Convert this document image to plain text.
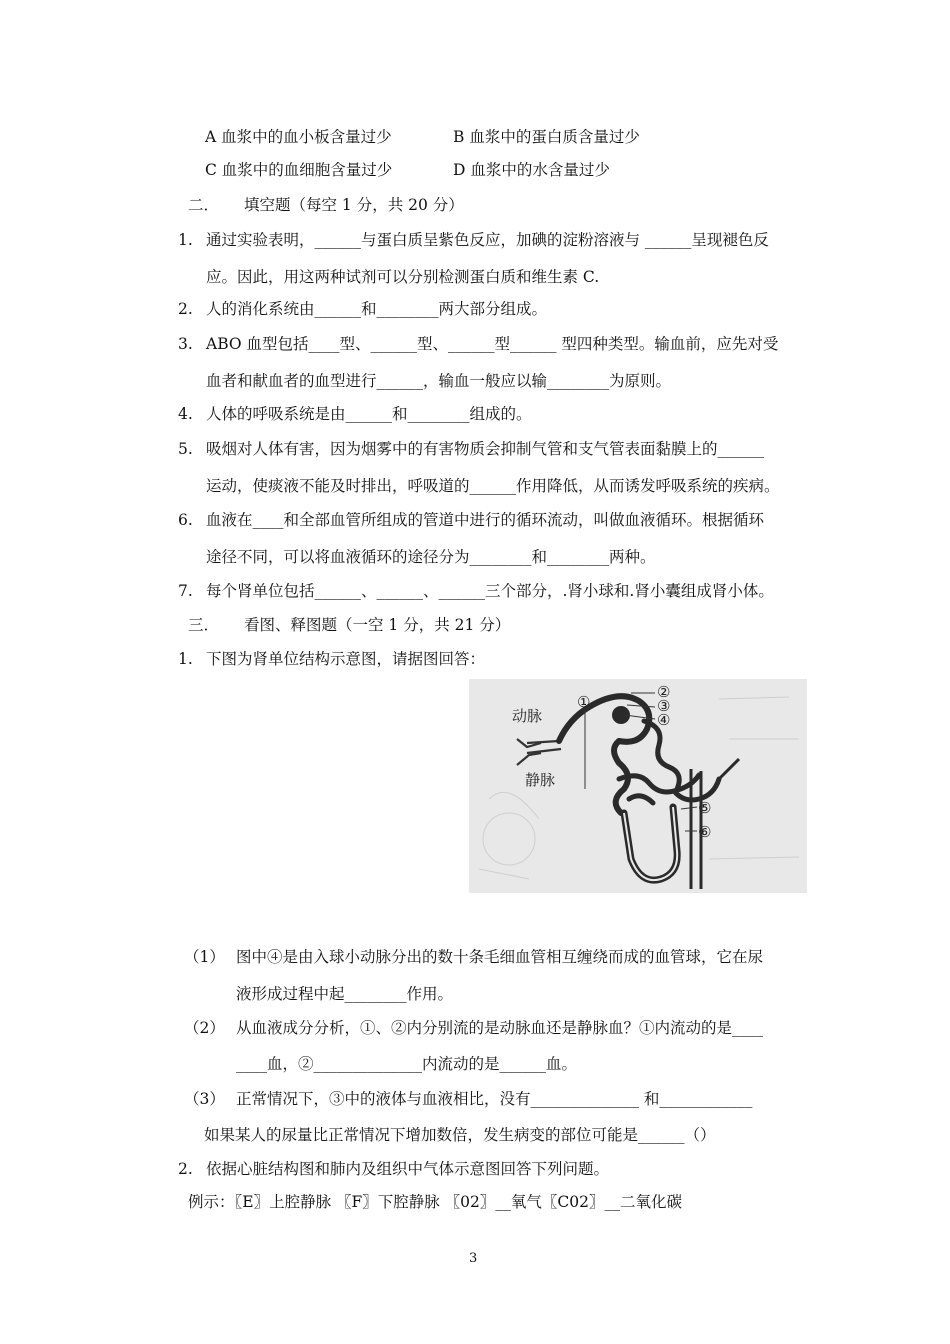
A 血浆中的血小板含量过少	B 血浆中的蛋白质含量过少
C 血浆中的血细胞含量过少	D 血浆中的水含量过少
二． 填空题（每空 1 分，共 20 分）
1. 通过实验表明，______与蛋白质呈紫色反应，加碘的淀粉溶液与 ______呈现褪色反
应。因此，用这两种试剂可以分别检测蛋白质和维生素 C.
2. 人的消化系统由______和________两大部分组成。
3. ABO 血型包括____型、______型、______型______ 型四种类型。输血前，应先对受
血者和献血者的血型进行______，输血一般应以输________为原则。
4. 人体的呼吸系统是由______和________组成的。
5. 吸烟对人体有害，因为烟雾中的有害物质会抑制气管和支气管表面黏膜上的______
运动，使痰液不能及时排出，呼吸道的______作用降低，从而诱发呼吸系统的疾病。
6. 血液在____和全部血管所组成的管道中进行的循环流动，叫做血液循环。根据循环
途径不同，可以将血液循环的途径分为________和________两种。
7. 每个肾单位包括______、______、______三个部分，.肾小球和.肾小囊组成肾小体。
三． 看图、释图题（一空 1 分，共 21 分）
1. 下图为肾单位结构示意图，请据图回答：
动脉
静脉
①
②
③
④
⑤
⑥
（1） 图中④是由入球小动脉分出的数十条毛细血管相互缠绕而成的血管球，它在尿
液形成过程中起________作用。
（2） 从血液成分分析，①、②内分别流的是动脉血还是静脉血？①内流动的是____
____血，②______________内流动的是______血。
（3） 正常情况下，③中的液体与血液相比，没有______________ 和____________
如果某人的尿量比正常情况下增加数倍，发生病变的部位可能是______（）
2. 依据心脏结构图和肺内及组织中气体示意图回答下列问题。
例示：〖E〗上腔静脉 〖F〗下腔静脉 〖02〗__氧气〖C02〗__二氧化碳
3
